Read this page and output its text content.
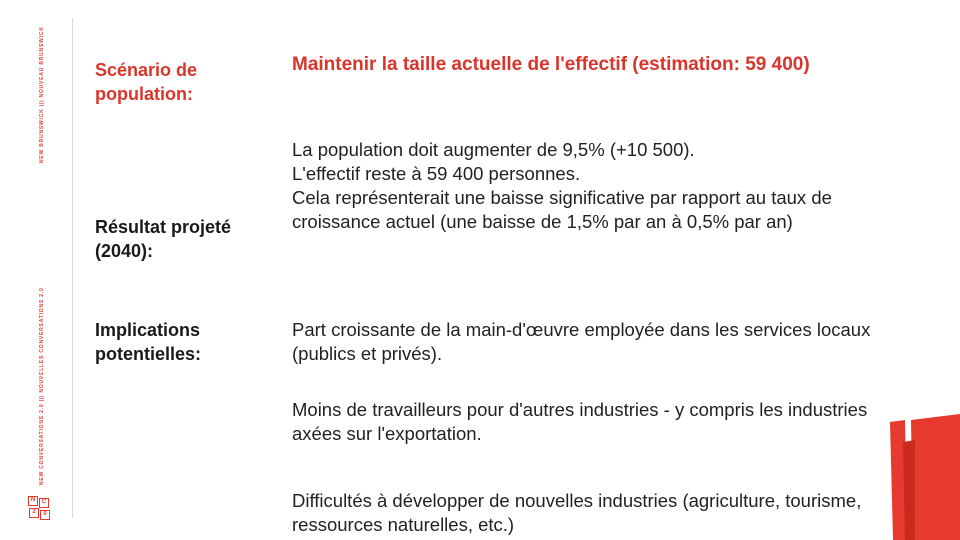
NEW BRUNSWICK ||| NOUVEAU BRUNSWICK
NEW CONVERSATIONS 2.0 ||| NOUVELLES CONVERSATIONS 2.0
N	C
2	0
Scénario de population:
Maintenir la taille actuelle de l'effectif (estimation: 59 400)
Résultat projeté (2040):

La population doit augmenter de 9,5% (+10 500).

L'effectif reste à 59 400 personnes.

Cela représenterait une baisse significative par rapport au taux de croissance actuel (une baisse de 1,5% par an à 0,5% par an)

Implications potentielles:
Part croissante de la main-d'œuvre employée dans les services locaux (publics et privés).
Moins de travailleurs pour d'autres industries - y compris les industries axées sur l'exportation.
Difficultés à développer de nouvelles industries (agriculture, tourisme, ressources naturelles, etc.)
